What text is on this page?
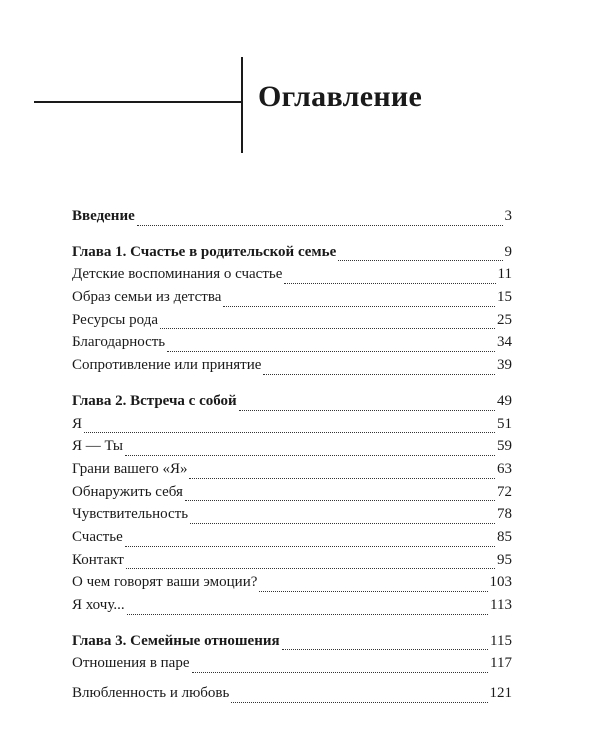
Оглавление
Введение	3
Глава 1. Счастье в родительской семье	9
Детские воспоминания о счастье	11
Образ семьи из детства	15
Ресурсы рода	25
Благодарность	34
Сопротивление или принятие	39
Глава 2. Встреча с собой	49
Я	51
Я — Ты	59
Грани вашего «Я»	63
Обнаружить себя	72
Чувствительность	78
Счастье	85
Контакт	95
О чем говорят ваши эмоции?	103
Я хочу...	113
Глава 3. Семейные отношения	115
Отношения в паре	117
Влюбленность и любовь	121
